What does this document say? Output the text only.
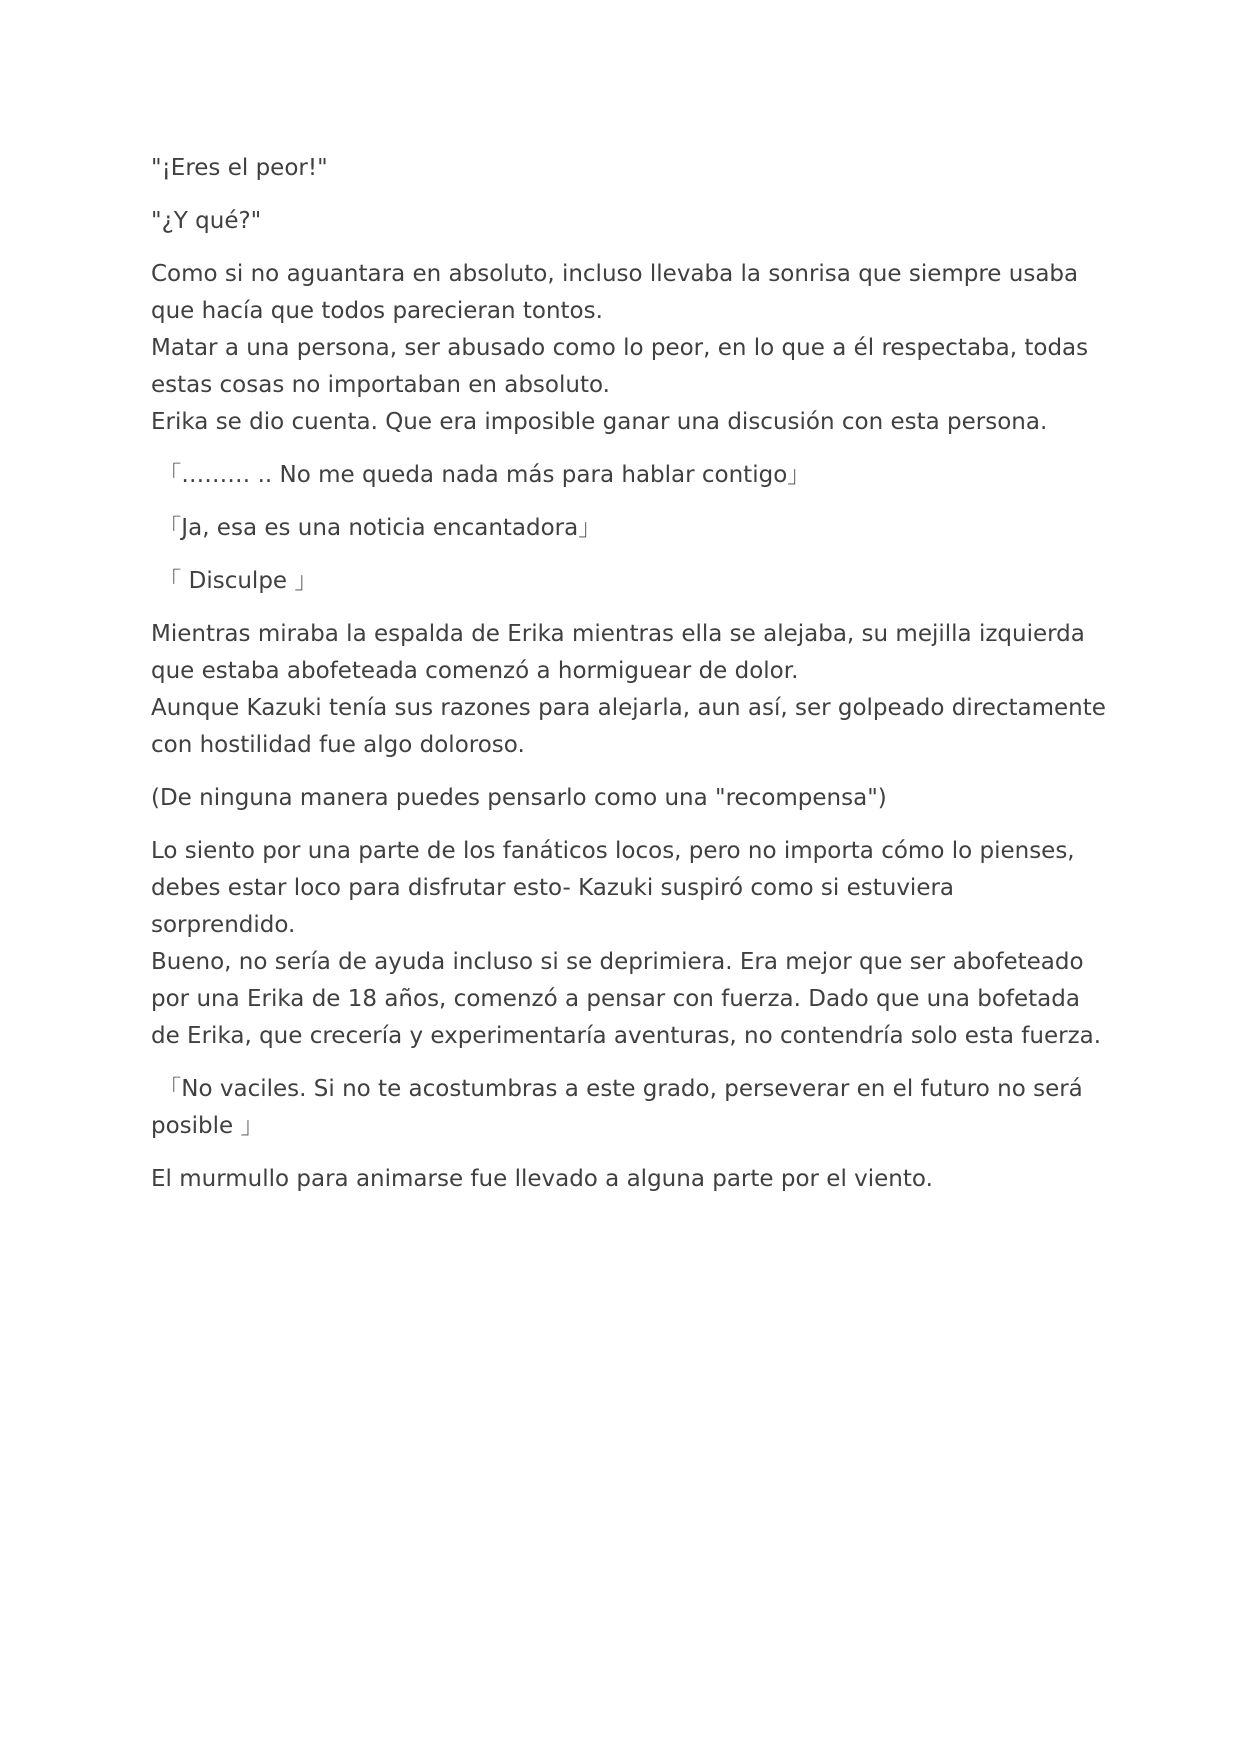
"¡Eres el peor!"

"¿Y qué?"

Como si no aguantara en absoluto, incluso llevaba la sonrisa que siempre usaba
que hacía que todos parecieran tontos.
Matar a una persona, ser abusado como lo peor, en lo que a él respectaba, todas
estas cosas no importaban en absoluto.
Erika se dio cuenta. Que era imposible ganar una discusión con esta persona.

「……… .. No me queda nada más para hablar contigo」

「Ja, esa es una noticia encantadora」

「 Disculpe 」

Mientras miraba la espalda de Erika mientras ella se alejaba, su mejilla izquierda
que estaba abofeteada comenzó a hormiguear de dolor.
Aunque Kazuki tenía sus razones para alejarla, aun así, ser golpeado directamente
con hostilidad fue algo doloroso.

(De ninguna manera puedes pensarlo como una "recompensa")

Lo siento por una parte de los fanáticos locos, pero no importa cómo lo pienses,
debes estar loco para disfrutar esto- Kazuki suspiró como si estuviera
sorprendido.
Bueno, no sería de ayuda incluso si se deprimiera. Era mejor que ser abofeteado
por una Erika de 18 años, comenzó a pensar con fuerza. Dado que una bofetada
de Erika, que crecería y experimentaría aventuras, no contendría solo esta fuerza.

「No vaciles. Si no te acostumbras a este grado, perseverar en el futuro no será
posible 」

El murmullo para animarse fue llevado a alguna parte por el viento.
